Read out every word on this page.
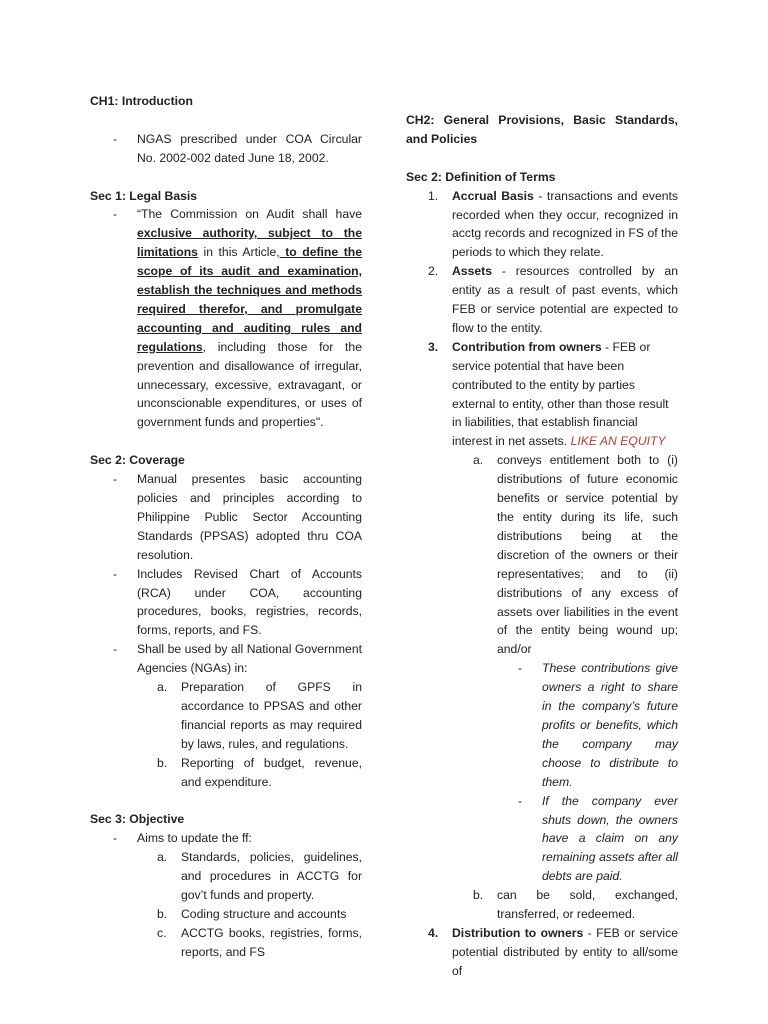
CH1: Introduction

-	NGAS prescribed under COA Circular No. 2002-002 dated June 18, 2002.

Sec 1: Legal Basis

-	“The Commission on Audit shall have exclusive authority, subject to the limitations in this Article, to define the scope of its audit and examination, establish the techniques and methods required therefor, and promulgate accounting and auditing rules and regulations, including those for the prevention and disallowance of irregular, unnecessary, excessive, extravagant, or unconscionable expenditures, or uses of government funds and properties".

Sec 2: Coverage

-	Manual presentes basic accounting policies and principles according to Philippine Public Sector Accounting Standards (PPSAS) adopted thru COA resolution.
-	Includes Revised Chart of Accounts (RCA) under COA, accounting procedures, books, registries, records, forms, reports, and FS.
-	Shall be used by all National Government Agencies (NGAs) in:
a.	Preparation of GPFS in accordance to PPSAS and other financial reports as may required by laws, rules, and regulations.
b.	Reporting of budget, revenue, and expenditure.

Sec 3: Objective

-	Aims to update the ff:
a.	Standards, policies, guidelines, and procedures in ACCTG for gov’t funds and property.
b.	Coding structure and accounts
c.	ACCTG books, registries, forms, reports, and FS

CH2: General Provisions, Basic Standards, and Policies

Sec 2: Definition of Terms

1.	Accrual Basis - transactions and events recorded when they occur, recognized in acctg records and recognized in FS of the periods to which they relate.
2.	Assets - resources controlled by an entity as a result of past events, which FEB or service potential are expected to flow to the entity.
3.	Contribution from owners - FEB or service potential that have been contributed to the entity by parties external to entity, other than those result in liabilities, that establish financial interest in net assets. LIKE AN EQUITY
a.	conveys entitlement both to (i) distributions of future economic benefits or service potential by the entity during its life, such distributions being at the discretion of the owners or their representatives; and to (ii) distributions of any excess of assets over liabilities in the event of the entity being wound up; and/or
-	These contributions give owners a right to share in the company’s future profits or benefits, which the company may choose to distribute to them.
-	If the company ever shuts down, the owners have a claim on any remaining assets after all debts are paid.
b.	can be sold, exchanged, transferred, or redeemed.
4.	Distribution to owners - FEB or service potential distributed by entity to all/some of
